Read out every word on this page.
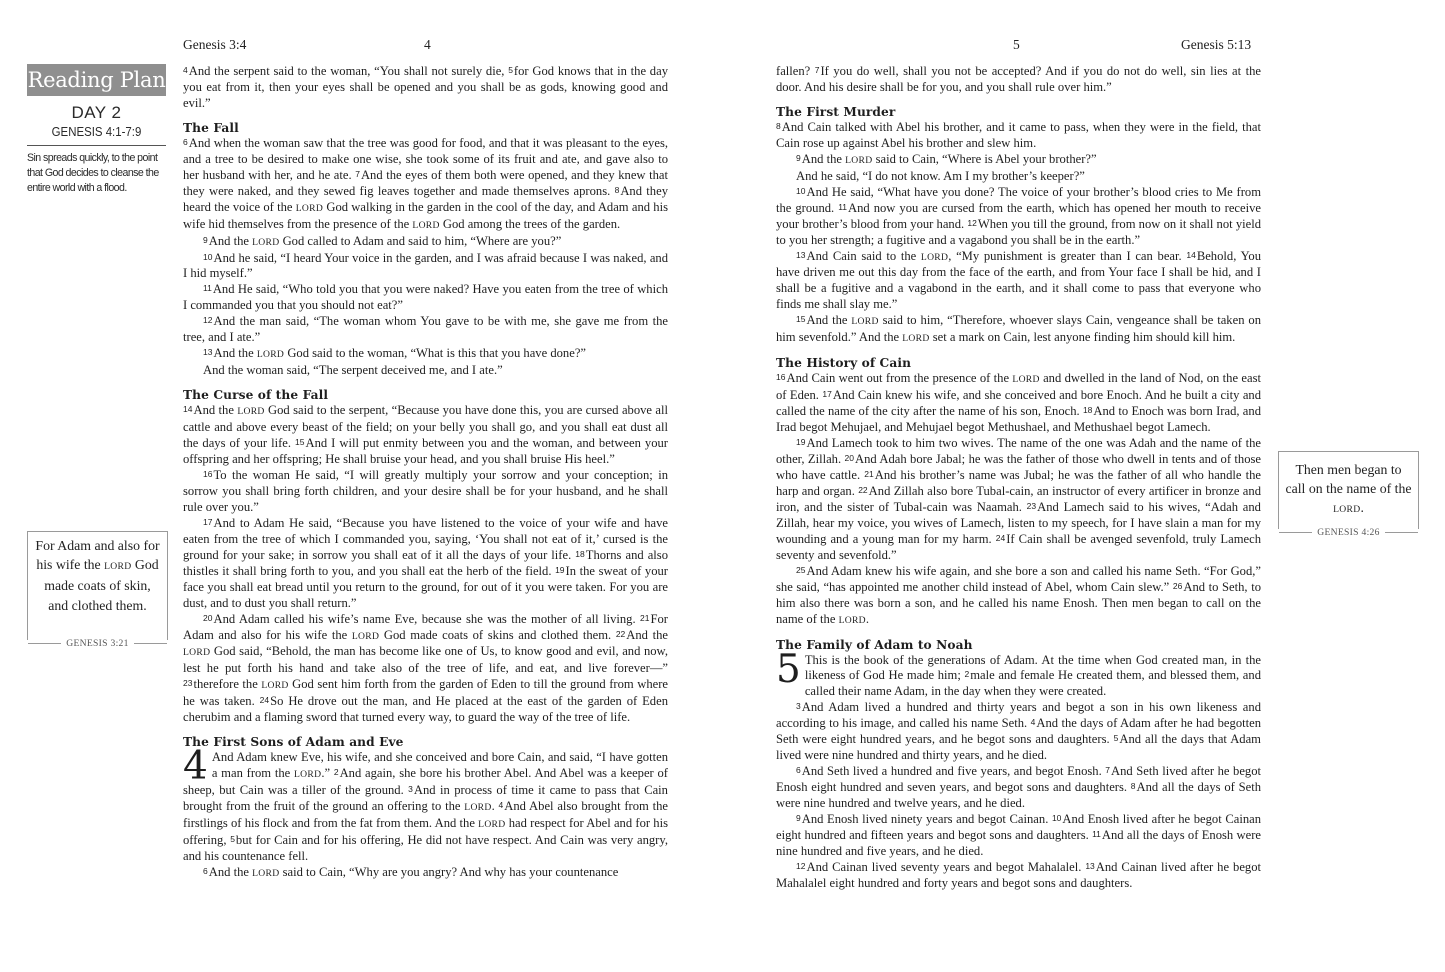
Genesis 3:4	4
Reading Plan
DAY 2
GENESIS 4:1-7:9
Sin spreads quickly, to the point that God decides to cleanse the entire world with a flood.
For Adam and also for his wife the LORD God made coats of skin, and clothed them.
GENESIS 3:21

$^4$And the serpent said to the woman, “You shall not surely die, $^5$for God knows that in the day you eat from it, then your eyes shall be opened and you shall be as gods, knowing good and evil.”

The Fall

$^6$And when the woman saw that the tree was good for food, and that it was pleasant to the eyes, and a tree to be desired to make one wise, she took some of its fruit and ate, and gave also to her husband with her, and he ate. $^7$And the eyes of them both were opened, and they knew that they were naked, and they sewed fig leaves together and made themselves aprons. $^8$And they heard the voice of the LORD God walking in the garden in the cool of the day, and Adam and his wife hid themselves from the presence of the LORD God among the trees of the garden.

$^9$And the LORD God called to Adam and said to him, “Where are you?”

$^{10}$And he said, “I heard Your voice in the garden, and I was afraid because I was naked, and I hid myself.”

$^{11}$And He said, “Who told you that you were naked? Have you eaten from the tree of which I commanded you that you should not eat?”

$^{12}$And the man said, “The woman whom You gave to be with me, she gave me from the tree, and I ate.”

$^{13}$And the LORD God said to the woman, “What is this that you have done?”

And the woman said, “The serpent deceived me, and I ate.”

The Curse of the Fall

$^{14}$And the LORD God said to the serpent, “Because you have done this, you are cursed above all cattle and above every beast of the field; on your belly you shall go, and you shall eat dust all the days of your life. $^{15}$And I will put enmity between you and the woman, and between your offspring and her offspring; He shall bruise your head, and you shall bruise His heel.”

$^{16}$To the woman He said, “I will greatly multiply your sorrow and your conception; in sorrow you shall bring forth children, and your desire shall be for your husband, and he shall rule over you.”

$^{17}$And to Adam He said, “Because you have listened to the voice of your wife and have eaten from the tree of which I commanded you, saying, ‘You shall not eat of it,’ cursed is the ground for your sake; in sorrow you shall eat of it all the days of your life. $^{18}$Thorns and also thistles it shall bring forth to you, and you shall eat the herb of the field. $^{19}$In the sweat of your face you shall eat bread until you return to the ground, for out of it you were taken. For you are dust, and to dust you shall return.”

$^{20}$And Adam called his wife’s name Eve, because she was the mother of all living. $^{21}$For Adam and also for his wife the LORD God made coats of skins and clothed them. $^{22}$And the LORD God said, “Behold, the man has become like one of Us, to know good and evil, and now, lest he put forth his hand and take also of the tree of life, and eat, and live forever—” $^{23}$therefore the LORD God sent him forth from the garden of Eden to till the ground from where he was taken. $^{24}$So He drove out the man, and He placed at the east of the garden of Eden cherubim and a flaming sword that turned every way, to guard the way of the tree of life.

The First Sons of Adam and Eve

4 And Adam knew Eve, his wife, and she conceived and bore Cain, and said, “I have gotten a man from the LORD.” $^2$And again, she bore his brother Abel. And Abel was a keeper of sheep, but Cain was a tiller of the ground. $^3$And in process of time it came to pass that Cain brought from the fruit of the ground an offering to the LORD. $^4$And Abel also brought from the firstlings of his flock and from the fat from them. And the LORD had respect for Abel and for his offering, $^5$but for Cain and for his offering, He did not have respect. And Cain was very angry, and his countenance fell.

$^6$And the LORD said to Cain, “Why are you angry? And why has your countenance

5	Genesis 5:13

fallen? $^7$If you do well, shall you not be accepted? And if you do not do well, sin lies at the door. And his desire shall be for you, and you shall rule over him.”

The First Murder

$^8$And Cain talked with Abel his brother, and it came to pass, when they were in the field, that Cain rose up against Abel his brother and slew him.

$^9$And the LORD said to Cain, “Where is Abel your brother?”

And he said, “I do not know. Am I my brother’s keeper?”

$^{10}$And He said, “What have you done? The voice of your brother’s blood cries to Me from the ground. $^{11}$And now you are cursed from the earth, which has opened her mouth to receive your brother’s blood from your hand. $^{12}$When you till the ground, from now on it shall not yield to you her strength; a fugitive and a vagabond you shall be in the earth.”

$^{13}$And Cain said to the LORD, “My punishment is greater than I can bear. $^{14}$Behold, You have driven me out this day from the face of the earth, and from Your face I shall be hid, and I shall be a fugitive and a vagabond in the earth, and it shall come to pass that everyone who finds me shall slay me.”

$^{15}$And the LORD said to him, “Therefore, whoever slays Cain, vengeance shall be taken on him sevenfold.” And the LORD set a mark on Cain, lest anyone finding him should kill him.

The History of Cain

$^{16}$And Cain went out from the presence of the LORD and dwelled in the land of Nod, on the east of Eden. $^{17}$And Cain knew his wife, and she conceived and bore Enoch. And he built a city and called the name of the city after the name of his son, Enoch. $^{18}$And to Enoch was born Irad, and Irad begot Mehujael, and Mehujael begot Methushael, and Methushael begot Lamech.

$^{19}$And Lamech took to him two wives. The name of the one was Adah and the name of the other, Zillah. $^{20}$And Adah bore Jabal; he was the father of those who dwell in tents and of those who have cattle. $^{21}$And his brother’s name was Jubal; he was the father of all who handle the harp and organ. $^{22}$And Zillah also bore Tubal-cain, an instructor of every artificer in bronze and iron, and the sister of Tubal-cain was Naamah. $^{23}$And Lamech said to his wives, “Adah and Zillah, hear my voice, you wives of Lamech, listen to my speech, for I have slain a man for my wounding and a young man for my harm. $^{24}$If Cain shall be avenged sevenfold, truly Lamech seventy and sevenfold.”

$^{25}$And Adam knew his wife again, and she bore a son and called his name Seth. “For God,” she said, “has appointed me another child instead of Abel, whom Cain slew.” $^{26}$And to Seth, to him also there was born a son, and he called his name Enosh. Then men began to call on the name of the LORD.

The Family of Adam to Noah

5 This is the book of the generations of Adam. At the time when God created man, in the likeness of God He made him; $^2$male and female He created them, and blessed them, and called their name Adam, in the day when they were created.

$^3$And Adam lived a hundred and thirty years and begot a son in his own likeness and according to his image, and called his name Seth. $^4$And the days of Adam after he had begotten Seth were eight hundred years, and he begot sons and daughters. $^5$And all the days that Adam lived were nine hundred and thirty years, and he died.

$^6$And Seth lived a hundred and five years, and begot Enosh. $^7$And Seth lived after he begot Enosh eight hundred and seven years, and begot sons and daughters. $^8$And all the days of Seth were nine hundred and twelve years, and he died.

$^9$And Enosh lived ninety years and begot Cainan. $^{10}$And Enosh lived after he begot Cainan eight hundred and fifteen years and begot sons and daughters. $^{11}$And all the days of Enosh were nine hundred and five years, and he died.

$^{12}$And Cainan lived seventy years and begot Mahalalel. $^{13}$And Cainan lived after he begot Mahalalel eight hundred and forty years and begot sons and daughters.

Then men began to call on the name of the LORD.
GENESIS 4:26
